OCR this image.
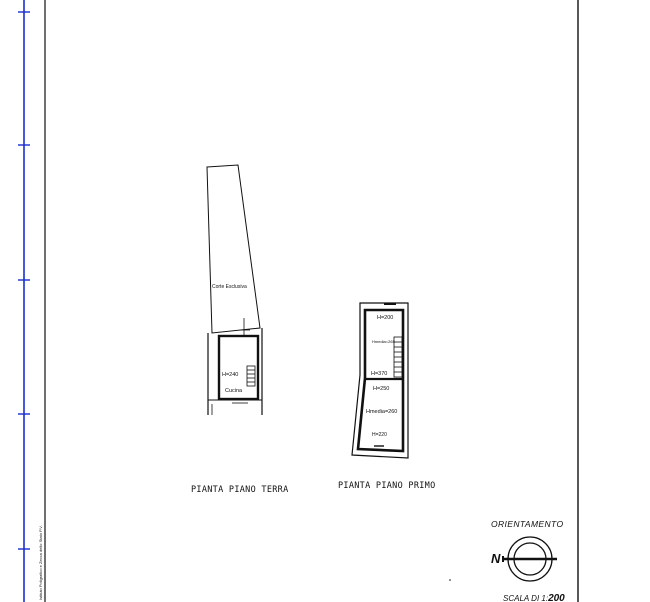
Istituto Poligrafico e Zecca dello Stato P.V.
Corte Esclusiva
H=240
Cucina
PIANTA PIANO TERRA
H=200
Hmedia=265
H=370
H=250
Hmedia=260
H=220
PIANTA PIANO PRIMO
ORIENTAMENTO
N
SCALA DI 1:200
